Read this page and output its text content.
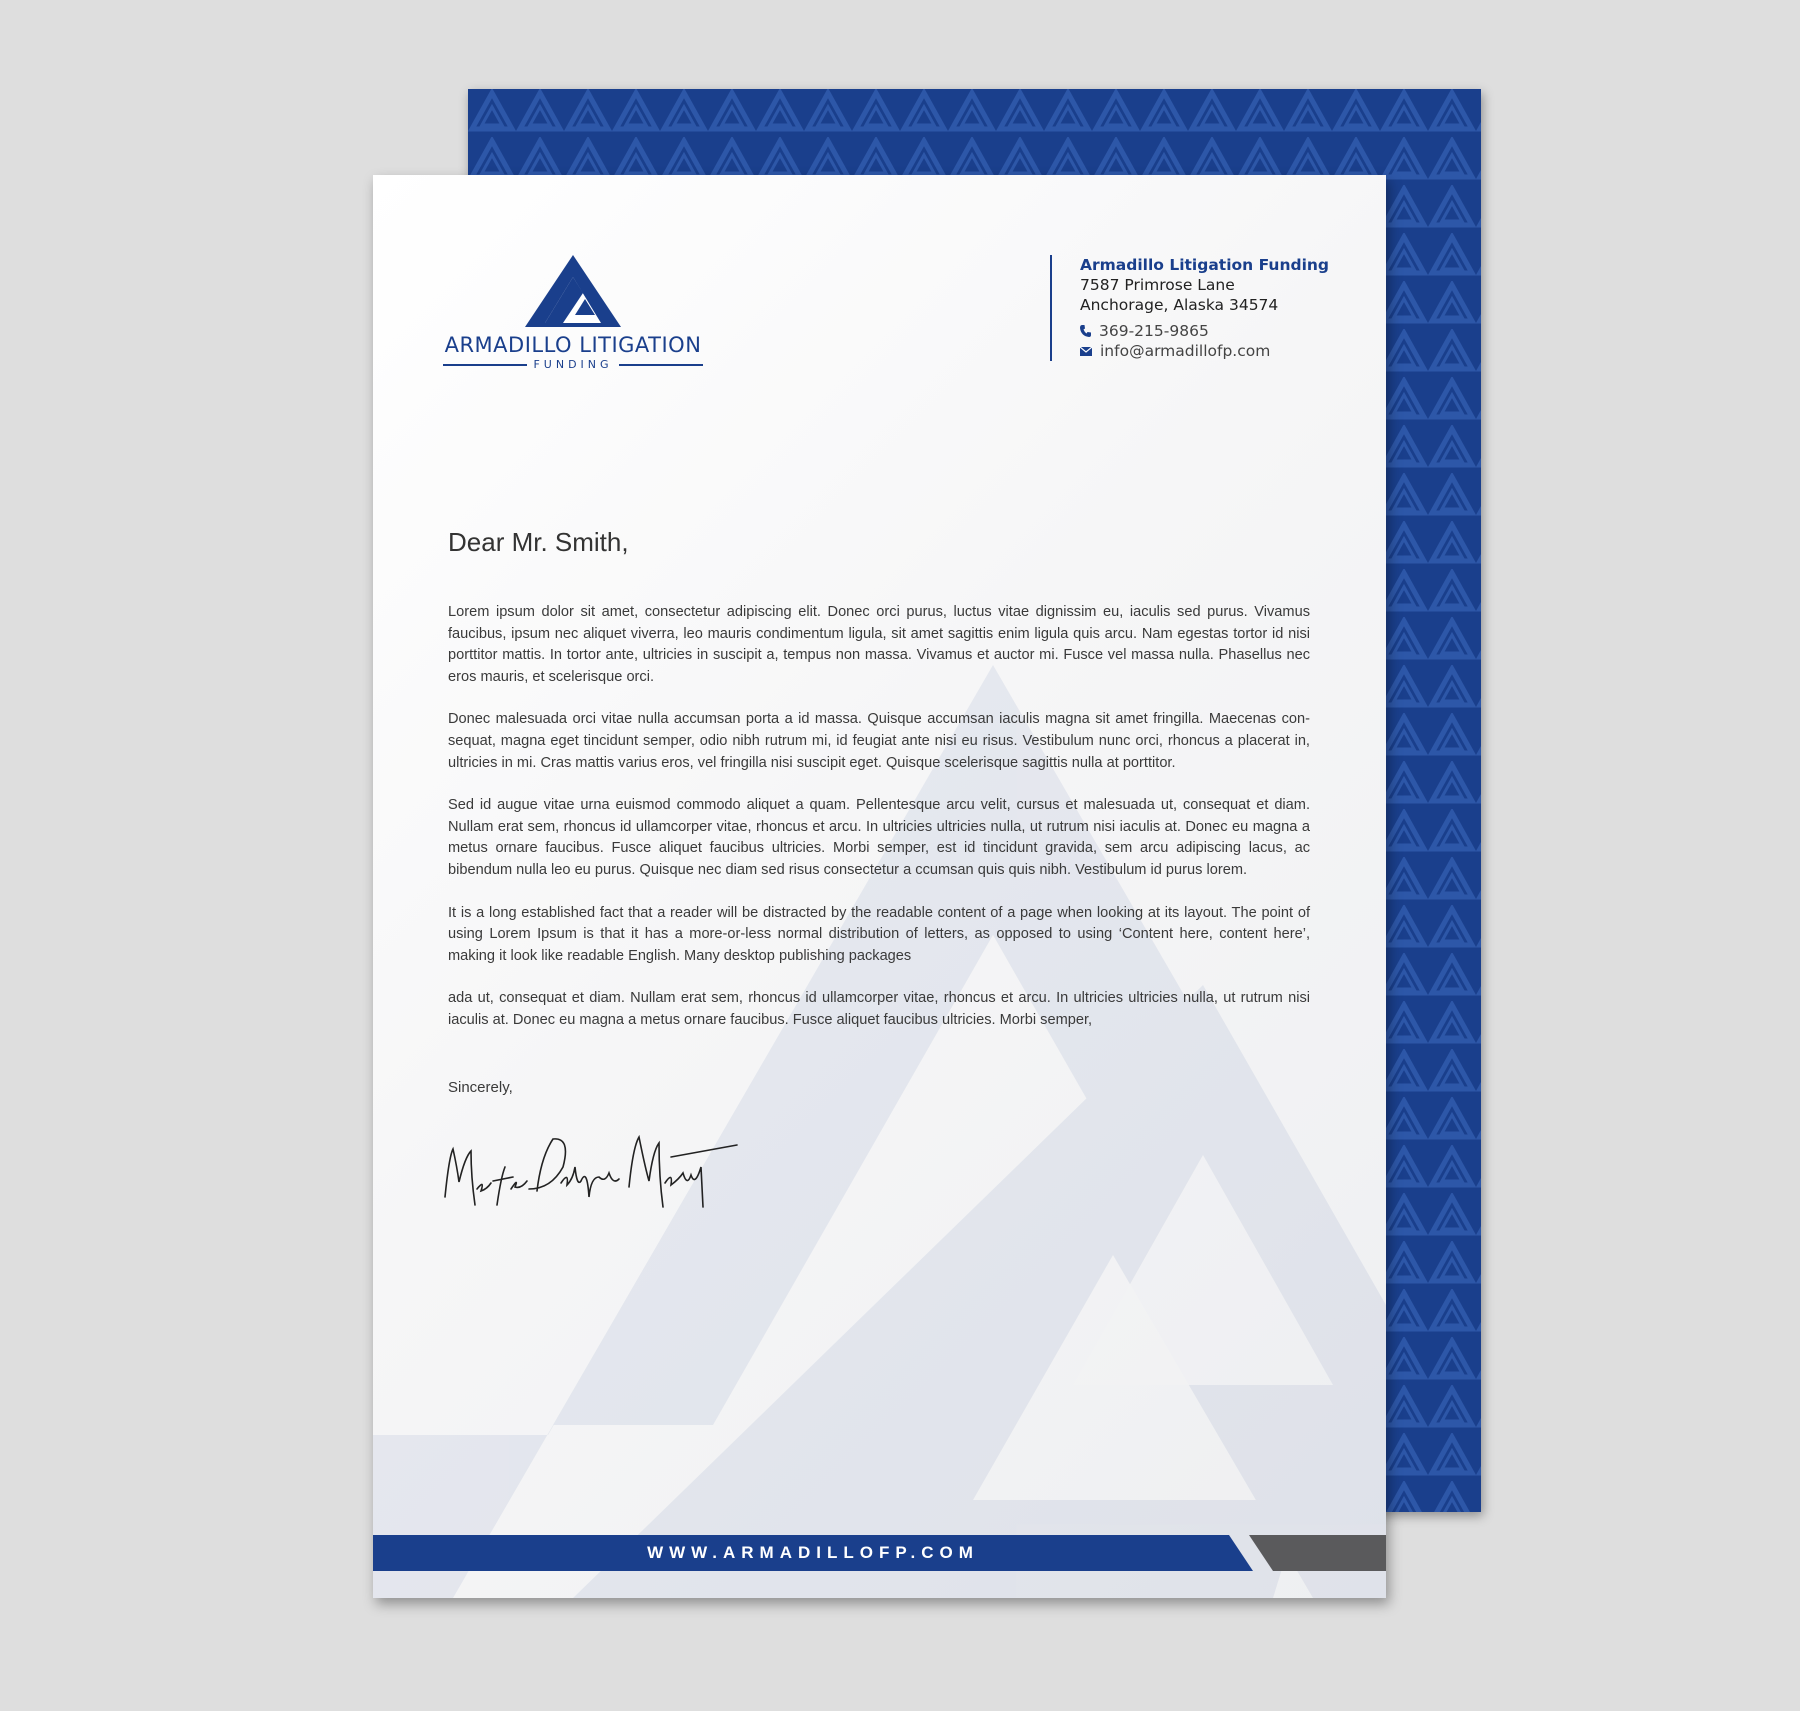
ARMADILLO LITIGATION
FUNDING
Armadillo Litigation Funding
7587 Primrose Lane
Anchorage, Alaska 34574
369-215-9865
info@armadillofp.com
Dear Mr. Smith,

Lorem ipsum dolor sit amet, consectetur adipiscing elit. Donec orci purus, luctus vitae dignissim eu, iaculis sed purus. Vivamus faucibus, ipsum nec aliquet viverra, leo mauris condimentum ligula, sit amet sagittis enim ligula quis arcu. Nam egestas tortor id nisi porttitor mattis. In tortor ante, ultricies in suscipit a, tempus non massa. Vivamus et auctor mi. Fusce vel massa nulla. Phasellus nec eros mauris, et scelerisque orci.

Donec malesuada orci vitae nulla accumsan porta a id massa. Quisque accumsan iaculis magna sit amet fringilla. Maecenas con-sequat, magna eget tincidunt semper, odio nibh rutrum mi, id feugiat ante nisi eu risus. Vestibulum nunc orci, rhoncus a placerat in, ultricies in mi. Cras mattis varius eros, vel fringilla nisi suscipit eget. Quisque scelerisque sagittis nulla at porttitor.

Sed id augue vitae urna euismod commodo aliquet a quam. Pellentesque arcu velit, cursus et malesuada ut, consequat et diam. Nullam erat sem, rhoncus id ullamcorper vitae, rhoncus et arcu. In ultricies ultricies nulla, ut rutrum nisi iaculis at. Donec eu magna a metus ornare faucibus. Fusce aliquet faucibus ultricies. Morbi semper, est id tincidunt gravida, sem arcu adipiscing lacus, ac bibendum nulla leo eu purus. Quisque nec diam sed risus consectetur a ccumsan quis quis nibh. Vestibulum id purus lorem.

It is a long established fact that a reader will be distracted by the readable content of a page when looking at its layout. The point of using Lorem Ipsum is that it has a more-or-less normal distribution of letters, as opposed to using ‘Content here, content here’, making it look like readable English. Many desktop publishing packages

ada ut, consequat et diam. Nullam erat sem, rhoncus id ullamcorper vitae, rhoncus et arcu. In ultricies ultricies nulla, ut rutrum nisi iaculis at. Donec eu magna a metus ornare faucibus. Fusce aliquet faucibus ultricies. Morbi semper,

Sincerely,
WWW.ARMADILLOFP.COM
